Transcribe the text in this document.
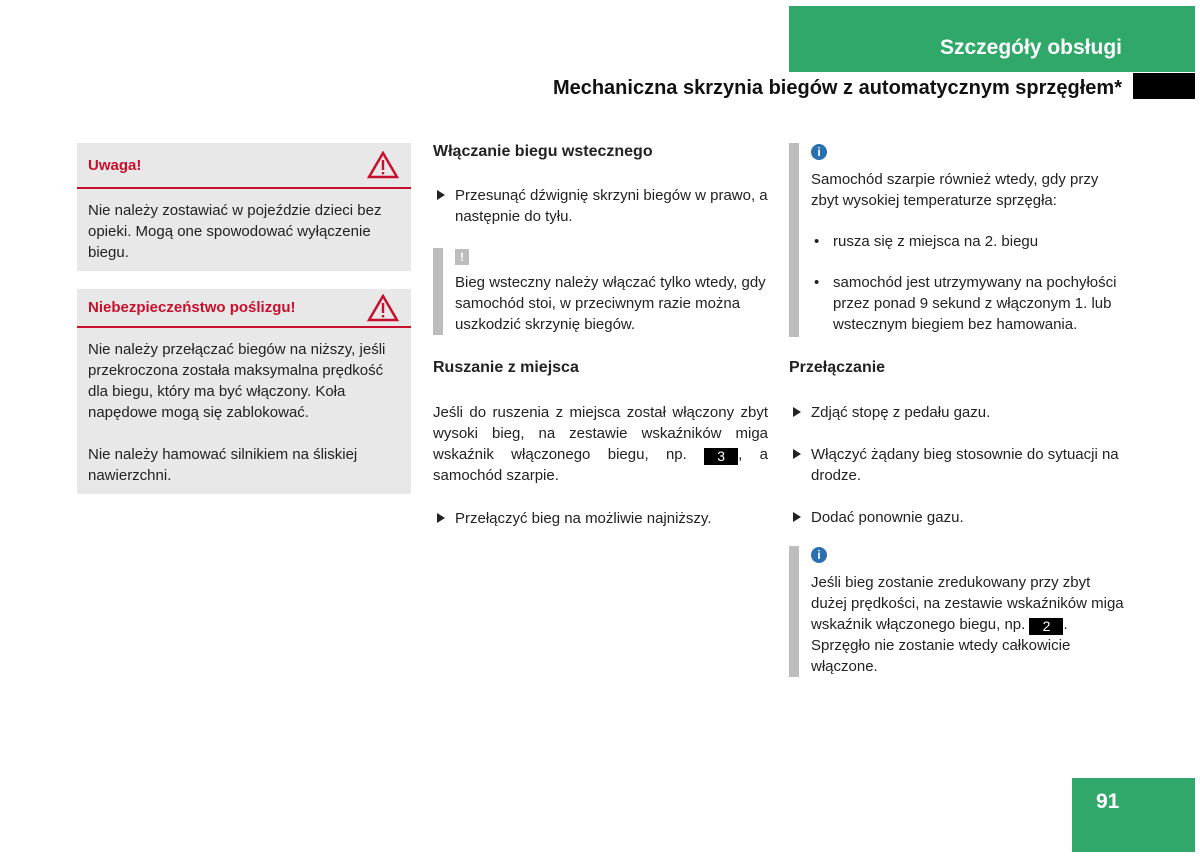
Szczegóły obsługi
Mechaniczna skrzynia biegów z automatycznym sprzęgłem*
Uwaga!

Nie należy zostawiać w pojeździe dzieci bez opieki. Mogą one spowodować wyłączenie biegu.

Niebezpieczeństwo poślizgu!

Nie należy przełączać biegów na niższy, jeśli przekroczona została maksymalna prędkość dla biegu, który ma być włączony. Koła napędowe mogą się zablokować.

Nie należy hamować silnikiem na śliskiej nawierzchni.

Włączanie biegu wstecznego

Przesunąć dźwignię skrzyni biegów w prawo, a następnie do tyłu.

!

Bieg wsteczny należy włączać tylko wtedy, gdy samochód stoi, w przeciwnym razie można uszkodzić skrzynię biegów.

Ruszanie z miejsca

Jeśli do ruszenia z miejsca został włączony zbyt wysoki bieg, na zestawie wskaźników miga wskaźnik włączonego biegu, np. 3 , a samochód szarpie.

Przełączyć bieg na możliwie najniższy.

i

Samochód szarpie również wtedy, gdy przy zbyt wysokiej temperaturze sprzęgła:

• rusza się z miejsca na 2. biegu

• samochód jest utrzymywany na pochyłości przez ponad 9 sekund z włączonym 1. lub wstecznym biegiem bez hamowania.

Przełączanie

Zdjąć stopę z pedału gazu.

Włączyć żądany bieg stosownie do sytuacji na drodze.

Dodać ponownie gazu.

i

Jeśli bieg zostanie zredukowany przy zbyt dużej prędkości, na zestawie wskaźników miga wskaźnik włączonego biegu, np. 2 . Sprzęgło nie zostanie wtedy całkowicie włączone.

91
